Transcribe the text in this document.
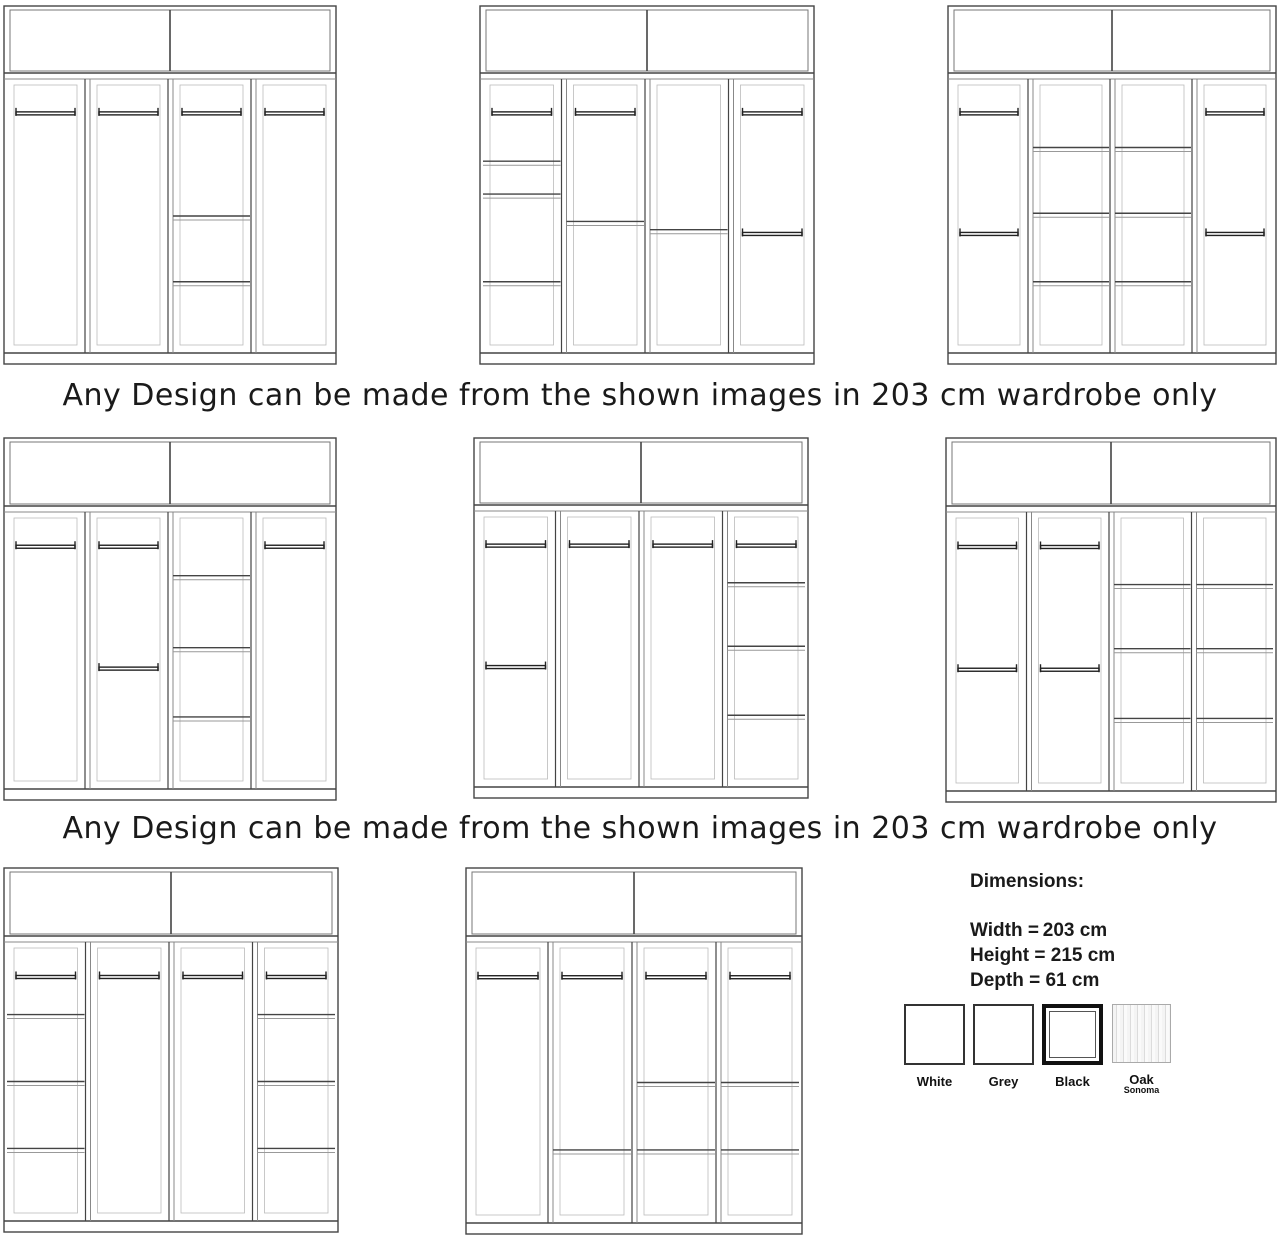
Any Design can be made from the shown images in 203 cm wardrobe only
Any Design can be made from the shown images in 203 cm wardrobe only
Dimensions:
Width = 203 cm
Height = 215 cm
Depth = 61 cm
White	Grey	Black	Oak
Sonoma
